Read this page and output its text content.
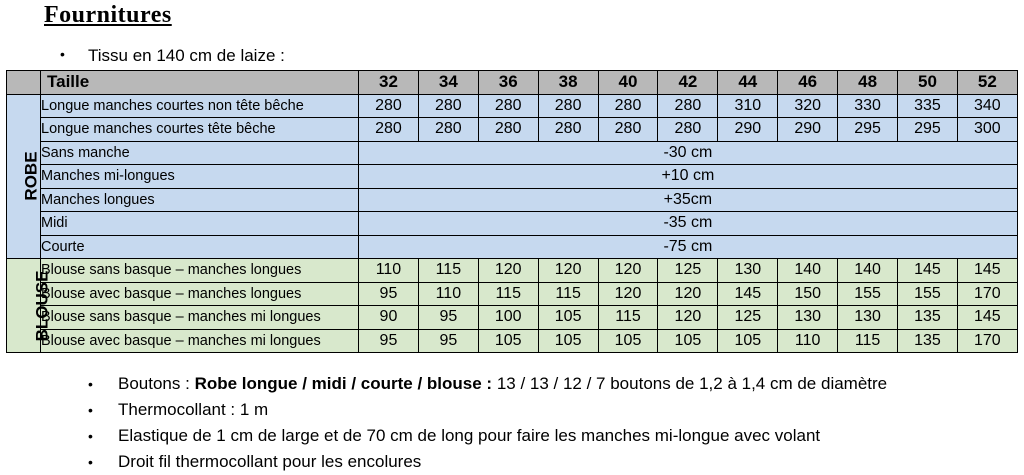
Fournitures
•	Tissu en 140 cm de laize :
	Taille	32	34	36	38	40	42	44	46	48	50	52
ROBE	Longue manches courtes non tête bêche	280	280	280	280	280	280	310	320	330	335	340
	Longue manches courtes tête bêche	280	280	280	280	280	280	290	290	295	295	300
	Sans manche	-30 cm										
	Manches mi-longues	+10 cm										
	Manches longues	+35cm										
	Midi	-35 cm										
	Courte	-75 cm										
BLOUSE	Blouse sans basque – manches longues	110	115	120	120	120	125	130	140	140	145	145
	Blouse avec basque – manches longues	95	110	115	115	120	120	145	150	155	155	170
	Blouse sans basque – manches mi longues	90	95	100	105	115	120	125	130	130	135	145
	Blouse avec basque – manches mi longues	95	95	105	105	105	105	105	110	115	135	170
•	Boutons : Robe longue / midi / courte / blouse : 13 / 13 / 12 / 7 boutons de 1,2 à 1,4 cm de diamètre
•	Thermocollant : 1 m
•	Elastique de 1 cm de large et de 70 cm de long pour faire les manches mi-longue avec volant
•	Droit fil thermocollant pour les encolures
